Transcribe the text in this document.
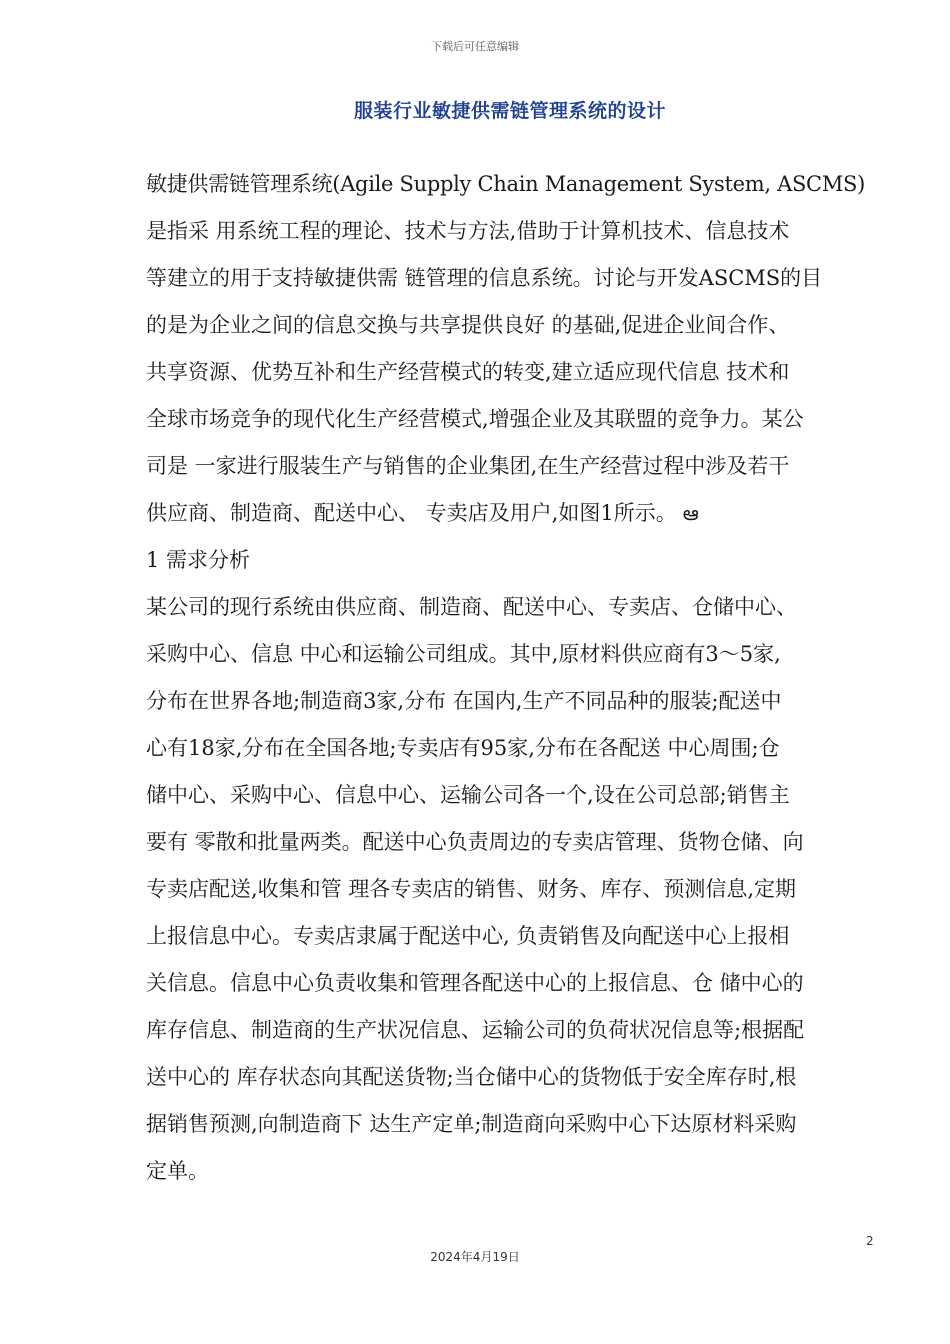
下载后可任意编辑
服装行业敏捷供需链管理系统的设计
敏捷供需链管理系统(Agile Supply Chain Management System, ASCMS)
是指采 用系统工程的理论、技术与方法,借助于计算机技术、信息技术
等建立的用于支持敏捷供需 链管理的信息系统。讨论与开发ASCMS的目
的是为企业之间的信息交换与共享提供良好 的基础,促进企业间合作、
共享资源、优势互补和生产经营模式的转变,建立适应现代信息 技术和
全球市场竞争的现代化生产经营模式,增强企业及其联盟的竞争力。某公
司是 一家进行服装生产与销售的企业集团,在生产经营过程中涉及若干
供应商、制造商、配送中心、 专卖店及用户,如图1所示。 ఆ
1 需求分析
某公司的现行系统由供应商、制造商、配送中心、专卖店、仓储中心、
采购中心、信息 中心和运输公司组成。其中,原材料供应商有3～5家,
分布在世界各地;制造商3家,分布 在国内,生产不同品种的服装;配送中
心有18家,分布在全国各地;专卖店有95家,分布在各配送 中心周围;仓
储中心、采购中心、信息中心、运输公司各一个,设在公司总部;销售主
要有 零散和批量两类。配送中心负责周边的专卖店管理、货物仓储、向
专卖店配送,收集和管 理各专卖店的销售、财务、库存、预测信息,定期
上报信息中心。专卖店隶属于配送中心, 负责销售及向配送中心上报相
关信息。信息中心负责收集和管理各配送中心的上报信息、仓 储中心的
库存信息、制造商的生产状况信息、运输公司的负荷状况信息等;根据配
送中心的 库存状态向其配送货物;当仓储中心的货物低于安全库存时,根
据销售预测,向制造商下 达生产定单;制造商向采购中心下达原材料采购
定单。
2
2024年4月19日
